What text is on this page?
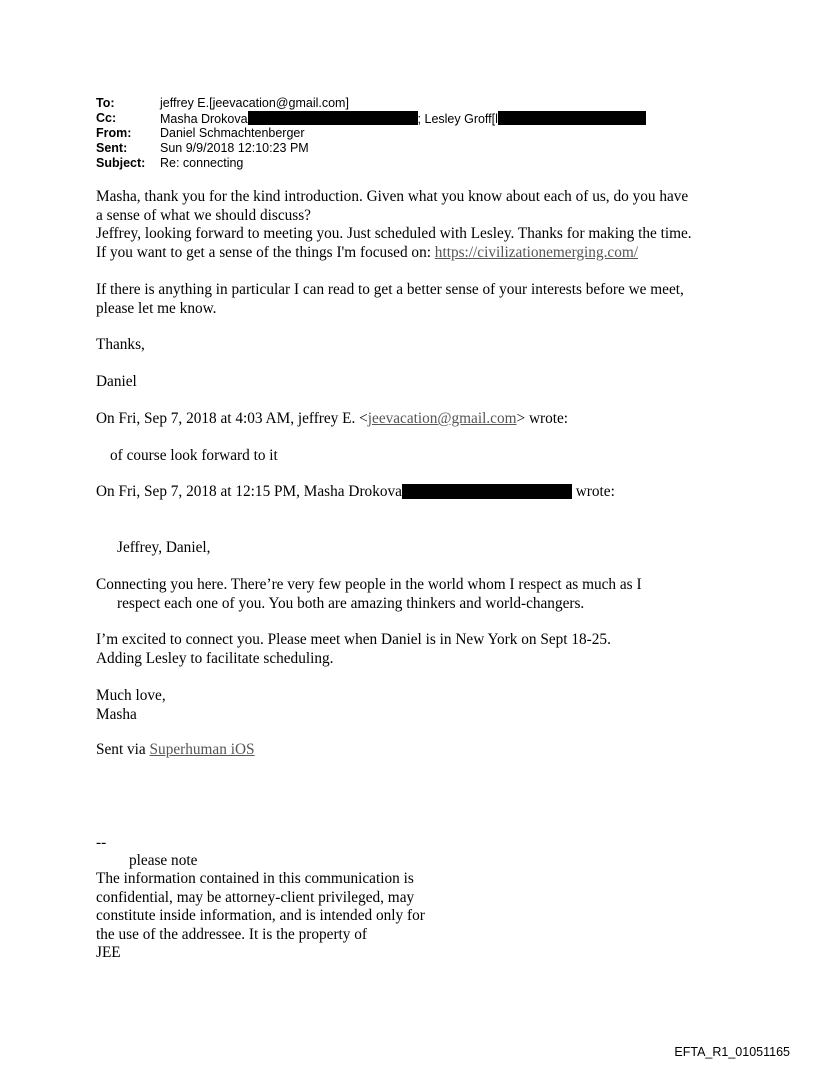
To:	jeffrey E.[jeevacation@gmail.com]
Cc:	Masha Drokova	; Lesley Groff[l
From: Daniel Schmachtenberger
Sent:	Sun 9/9/2018 12:10:23 PM
Subject: Re: connecting
Masha, thank you for the kind introduction. Given what you know about each of us, do you have
a sense of what we should discuss?
Jeffrey, looking forward to meeting you. Just scheduled with Lesley. Thanks for making the time.
If you want to get a sense of the things I'm focused on: https://civilizationemerging.com/
If there is anything in particular I can read to get a better sense of your interests before we meet,
please let me know.
Thanks,
Daniel
On Fri, Sep 7, 2018 at 4:03 AM, jeffrey E. <jeevacation@gmail.com> wrote:
of course look forward to it
On Fri, Sep 7, 2018 at 12:15 PM, Masha Drokova	wrote:
Jeffrey, Daniel,
Connecting you here. There’re very few people in the world whom I respect as much as I
respect each one of you. You both are amazing thinkers and world-changers.
I’m excited to connect you. Please meet when Daniel is in New York on Sept 18-25.
Adding Lesley to facilitate scheduling.
Much love,
Masha
Sent via Superhuman iOS
--
please note
The information contained in this communication is
confidential, may be attorney-client privileged, may
constitute inside information, and is intended only for
the use of the addressee. It is the property of
JEE
EFTA_R1_01051165
